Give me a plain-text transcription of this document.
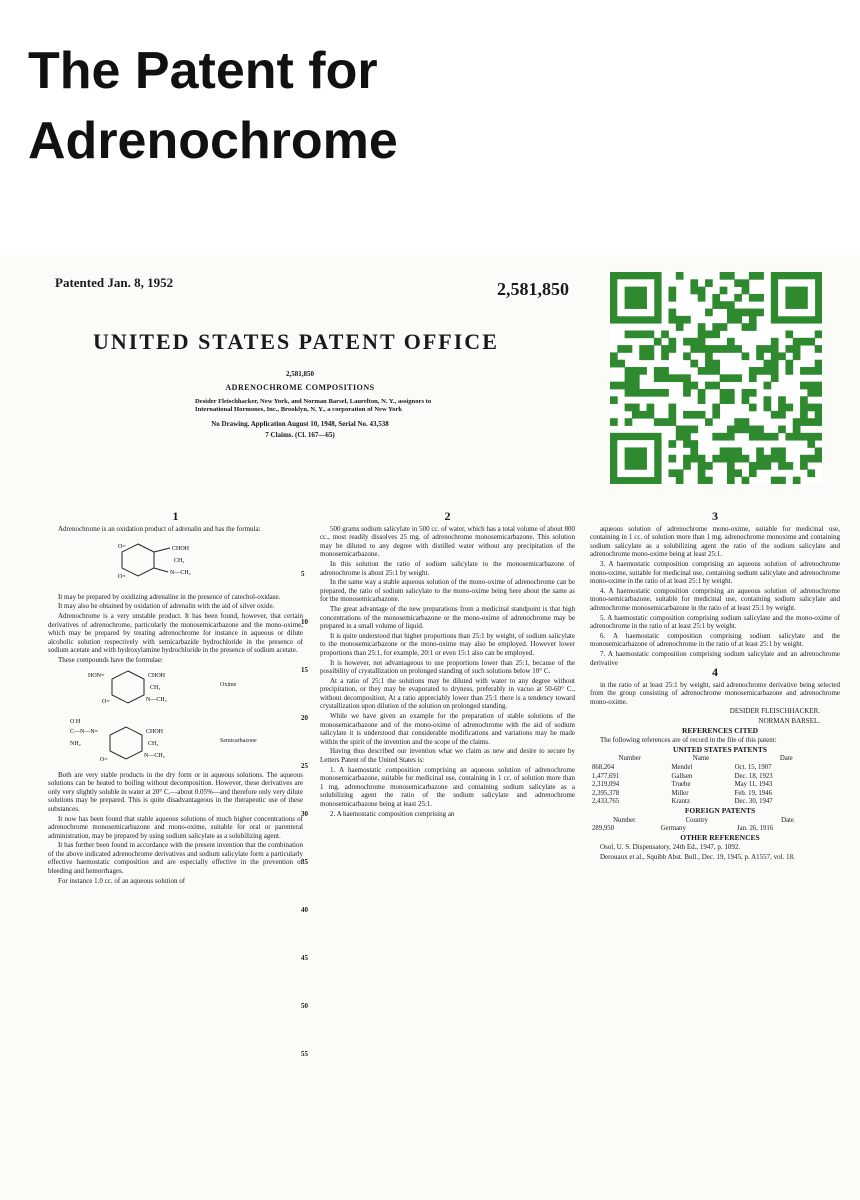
The Patent for Adrenochrome
Patented Jan. 8, 1952	2,581,850
UNITED STATES PATENT OFFICE
2,581,850
ADRENOCHROME COMPOSITIONS
Desider Fleischhacker, New York, and Norman Barsel, Laurelton, N. Y., assignors to International Hormones, Inc., Brooklyn, N. Y., a corporation of New York
No Drawing. Application August 10, 1948, Serial No. 43,538
7 Claims. (Cl. 167—65)

1

Adrenochrome is an oxidation product of adrenalin and has the formula:

CHOH
CH₂
N—CH₃
O=
O=

It may be prepared by oxidizing adrenaline in the presence of catechol-oxidase.

It may also be obtained by oxidation of adrenalin with the aid of silver oxide.

Adrenochrome is a very unstable product. It has been found, however, that certain derivatives of adrenochrome, particularly the monosemicarbazone and the mono-oxime, which may be prepared by treating adrenochrome for instance in aqueous or dilute alcoholic solution respectively with semicarbazide hydrochloride in the presence of sodium acetate and with hydroxylamine hydrochloride in the presence of sodium acetate.

These compounds have the formulae:

HON=	CHOH
CH₂
N—CH₃
O=
Oxime
O H
C—N—N=
NH₂
CHOH
CH₂
N—CH₃
O=
Semicarbazone

Both are very stable products in the dry form or in aqueous solutions. The aqueous solutions can be heated to boiling without decomposition. However, these derivatives are only very slightly soluble in water at 20° C.—about 0.05%—and therefore only very dilute solutions may be prepared. This is quite disadvantageous in the therapeutic use of these substances.

It now has been found that stable aqueous solutions of much higher concentrations of adrenochrome monosemicarbazone and mono-oxime, suitable for oral or parenteral administration, may be prepared by using sodium salicylate as a solubilizing agent.

It has further been found in accordance with the present invention that the combination of the above indicated adrenochrome derivatives and sodium salicylate form a particularly effective haemostatic composition and are especially effective in the prevention of bleeding and hemorrhages.

For instance 1.0 cc. of an aqueous solution of

5
10
15
20
25
30
35
40
45
50
55

2

500 grams sodium salicylate in 500 cc. of water, which has a total volume of about 800 cc., most readily dissolves 25 mg. of adrenochrome monosemicarbazone. This solution may be diluted to any degree with distilled water without any precipitation of the monosemicarbazone.

In this solution the ratio of sodium salicylate to the monosemicarbazone of adrenochrome is about 25:1 by weight.

In the same way a stable aqueous solution of the mono-oxime of adrenochrome can be prepared, the ratio of sodium salicylate to the mono-oxime being here about the same as for the monosemicarbazone.

The great advantage of the new preparations from a medicinal standpoint is that high concentrations of the monosemicarbazone or the mono-oxime of adrenochrome may be prepared in a small volume of liquid.

It is quite understood that higher proportions than 25:1 by weight, of sodium salicylate to the monosemicarbazone or the mono-oxime may also be employed. However lower proportions than 25:1, for example, 20:1 or even 15:1 also can be employed.

It is however, not advantageous to use proportions lower than 25:1, because of the possibility of crystallization on prolonged standing of such solutions below 10° C.

At a ratio of 25:1 the solutions may be diluted with water to any degree without precipitation, or they may be evaporated to dryness, preferably in vacuo at 50-60° C., without decomposition. At a ratio appreciably lower than 25:1 there is a tendency toward crystallization upon dilution of the solution on prolonged standing.

While we have given an example for the preparation of stable solutions of the monosemicarbazone and of the mono-oxime of adrenochrome with the aid of sodium salicylate it is understood that considerable modifications and variations may be made within the spirit of the invention and the scope of the claims.

Having thus described our invention what we claim as new and desire to secure by Letters Patent of the United States is:

1. A haemostatic composition comprising an aqueous solution of adrenochrome monosemicarbazone, suitable for medicinal use, containing in 1 cc. of solution more than 1 mg. adrenochrome monosemicarbazone and containing sodium salicylate as a solubilizing agent the ratio of the sodium salicylate and adrenochrome monosemicarbazone being at least 25:1.

2. A haemostatic composition comprising an

3

aqueous solution of adrenochrome mono-oxime, suitable for medicinal use, containing in 1 cc. of solution more than 1 mg. adrenochrome monoxime and containing sodium salicylate as a solubilizing agent the ratio of the sodium salicylate and adrenochrome mono-oxime being at least 25:1.

3. A haemostatic composition comprising an aqueous solution of adrenochrome mono-oxime, suitable for medicinal use, containing sodium salicylate and adrenochrome mono-oxime in the ratio of at least 25:1 by weight.

4. A haemostatic composition comprising an aqueous solution of adrenochrome mono-semicarbazone, suitable for medicinal use, containing sodium salicylate and adrenochrome monosemicarbazone in the ratio of at least 25:1 by weight.

5. A haemostatic composition comprising sodium salicylate and the mono-oxime of adrenochrome in the ratio of at least 25:1 by weight.

6. A haemostatic composition comprising sodium salicylate and the monosemicarbazone of adrenochrome in the ratio of at least 25:1 by weight.

7. A haemostatic composition comprising sodium salicylate and an adrenochrome derivative

4

in the ratio of at least 25:1 by weight, said adrenochrome derivative being selected from the group consisting of adrenochrome monosemicarbazone and adrenochrome mono-oxime.

DESIDER FLEISCHHACKER.

NORMAN BARSEL.

REFERENCES CITED

The following references are of record in the file of this patent:

UNITED STATES PATENTS

Number	Name	Date
868,204	Mendel	Oct. 15, 1907
1,477,691	Gallsen	Dec. 18, 1923
2,319,094	Truebe	May 11, 1943
2,395,378	Miller	Feb. 19, 1946
2,433,765	Krantz	Dec. 30, 1947

FOREIGN PATENTS

Number	Country	Date
289,950	Germany	Jan. 26, 1916

OTHER REFERENCES

Osol, U. S. Dispensatory, 24th Ed., 1947, p. 1092.

Derouaux et al., Squibb Abst. Bull., Dec. 19, 1945, p. A1557, vol. 18.
